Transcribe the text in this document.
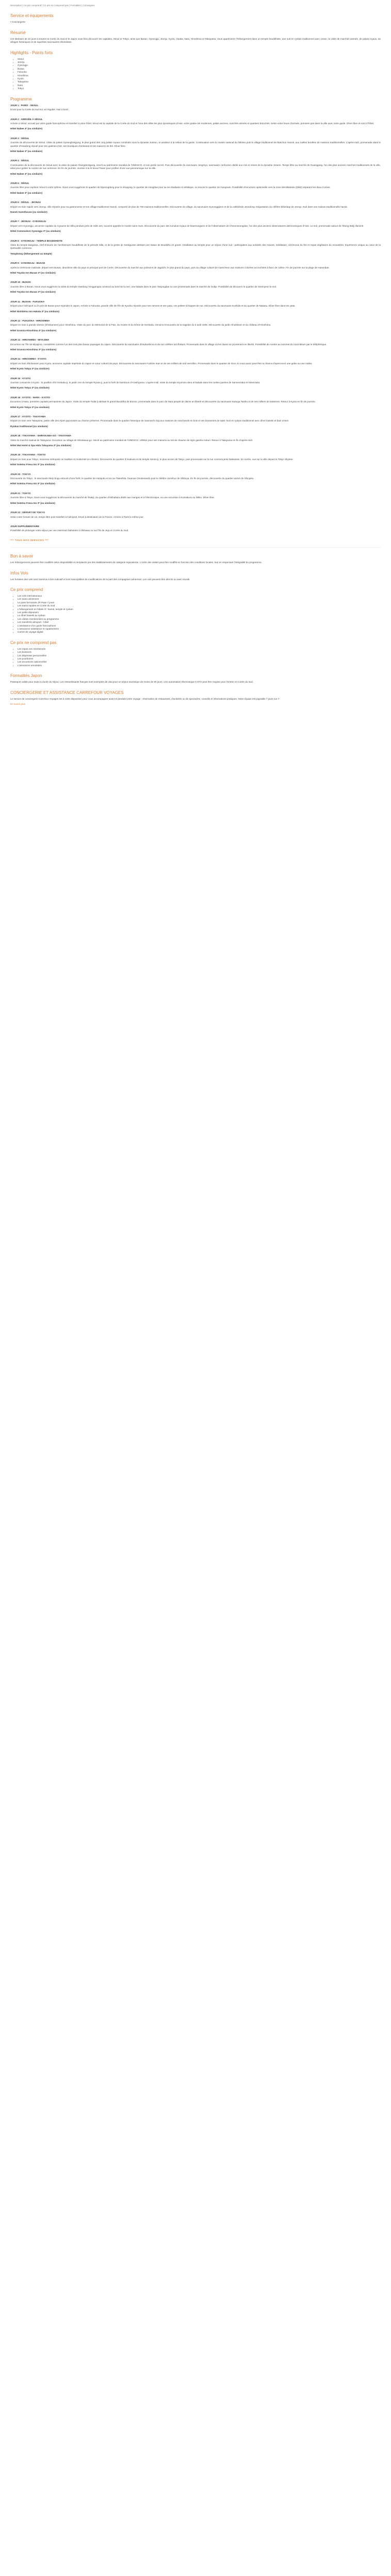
Description | Ce prix comprend | Ce prix ne comprend pas | Formalités | Conseignes
Service et équipements
• Conciergerie
Résumé
Cet itinéraire de 22 jours à travers la Corée du Sud et le Japon vous fera découvrir les capitales, Séoul et Tokyo, ainsi que Busan, Gyeongju, Jeonju, Kyoto, Osaka, Nara, Hiroshima et Takayama. Vous apprécierez l'hébergement dans un temple bouddhiste, une nuit en ryokan traditionnel avec onsen, la visite de marchés animés, de palais royaux, de villages historiques et de superbes sanctuaires shintoïstes.
Highlights - Points forts
• Séoul
• Jeonju
• Gyeongju
• Busan
• Fukuoka
• Hiroshima
• Kyoto
• Takayama
• Nara
• Tokyo
Programme
JOUR 1 : PARIS - SEOUL
Envol pour la Corée du sud sur vol régulier. Nuit à bord.
JOUR 2 : ARRIVÉE À SÉOUL
Arrivée à Séoul, accueil par votre guide francophone et transfert à votre hôtel. Séoul est la capitale de la Corée du Sud et l'une des villes les plus dynamiques d'Asie, entre gratte-ciel modernes, palais anciens, marchés animés et quartiers branchés. Selon votre heure d'arrivée, premiers pas dans la ville avec votre guide. Dîner libre et nuit à l'hôtel.
Hôtel Nabee 3* (ou similaire)
JOUR 3 : SÉOUL
Journée de découverte de Séoul. Visite du palais Gyeongbokgung, le plus grand des cinq palais royaux construits sous la dynastie Joseon, et assistez à la relève de la garde. Continuation vers le musée national du folklore puis le village traditionnel de Bukchon Hanok, aux ruelles bordées de maisons traditionnelles. L'après-midi, promenade dans le quartier d'Insadong réputé pour ses galeries d'art, ses boutiques d'artisanat et ses maisons de thé. Dîner libre.
Hôtel Nabee 3* (ou similaire)
JOUR 4 : SÉOUL
Continuation de la découverte de Séoul avec la visite du palais Changdeokgung, inscrit au patrimoine mondial de l'UNESCO, et son jardin secret. Puis découverte du sanctuaire Jongmyo, sanctuaire confucéen dédié aux rois et reines de la dynastie Joseon. Temps libre au marché de Gwangjang, l'un des plus anciens marchés traditionnels de la ville, idéal pour goûter la cuisine de rue coréenne. En fin de journée, montée à la N Seoul Tower pour profiter d'une vue panoramique sur la ville.
Hôtel Nabee 3* (ou similaire)
JOUR 5 : SÉOUL
Journée libre pour explorer Séoul à votre rythme. Nous vous suggérons le quartier de Myeongdong pour le shopping, le quartier de Hongdae pour sa vie étudiante et artistique, ou encore le quartier de Gangnam. Possibilité d'excursion optionnelle vers la zone démilitarisée (DMZ) séparant les deux Corées.
Hôtel Nabee 3* (ou similaire)
JOUR 6 : SÉOUL - JEONJU
Départ en train rapide vers Jeonju, ville réputée pour sa gastronomie et son village traditionnel Hanok, composé de plus de 700 maisons traditionnelles. Découverte du village, du sanctuaire Gyeonggijeon et de la cathédrale Jeondong. Dégustation du célèbre bibimbap de Jeonju. Nuit dans une maison traditionnelle hanok.
Hanok Guesthouse (ou similaire)
JOUR 7 : JEONJU - GYEONGJU
Départ vers Gyeongju, ancienne capitale du royaume de Silla pendant près de mille ans, souvent appelée le musée sans murs. Découverte du parc des tumulus royaux de Daereungwon et de l'observatoire de Cheomseongdae, l'un des plus anciens observatoires astronomiques d'Asie. Le soir, promenade autour de l'étang Wolji illuminé.
Hôtel Commodore Gyeongju 3* (ou similaire)
JOUR 8 : GYEONGJU - TEMPLE BOUDDHISTE
Visite du temple Bulguksa, chef-d'œuvre de l'architecture bouddhiste de la période Silla, et de la grotte de Seokguram abritant une statue de Bouddha en granit. Installation au temple pour un séjour d'une nuit : participation aux activités des moines, méditation, cérémonie du thé et repas végétarien du monastère. Expérience unique au cœur de la spiritualité coréenne.
Templestay (hébergement au temple)
JOUR 9 : GYEONGJU - BUSAN
Après la cérémonie matinale, départ vers Busan, deuxième ville du pays et principal port de Corée. Découverte du marché aux poissons de Jagalchi, le plus grand du pays, puis du village culturel de Gamcheon aux maisons colorées accrochées à flanc de colline. Fin de journée sur la plage de Haeundae.
Hôtel Toyoko Inn Busan 3* (ou similaire)
JOUR 10 : BUSAN
Journée libre à Busan. Nous vous suggérons la visite du temple Haedong Yonggungsa construit au bord de la mer, une balade dans le parc Taejongdae ou une promenade dans le marché de Gukje. Possibilité de découvrir le quartier de Seomyeon le soir.
Hôtel Toyoko Inn Busan 3* (ou similaire)
JOUR 11 : BUSAN - FUKUOKA
Départ pour l'aéroport ou le port de Busan pour rejoindre le Japon. Arrivée à Fukuoka, grande ville de l'île de Kyushu réputée pour ses ramens et ses yatai, ces petites échoppes de rue. Découverte du sanctuaire Kushida et du quartier de Nakasu. Dîner libre dans les yatai.
Hôtel Nishitetsu Inn Hakata 3* (ou similaire)
JOUR 12 : FUKUOKA - HIROSHIMA
Départ en train à grande vitesse (Shinkansen) pour Hiroshima. Visite du parc du Mémorial de la Paix, du musée et du Dôme de Genbaku, témoins émouvants de la tragédie du 6 août 1945. Découverte du jardin Shukkeien et du château d'Hiroshima.
Hôtel Granvia Hiroshima 3* (ou similaire)
JOUR 13 : HIROSHIMA - MIYAJIMA
Excursion sur l'île de Miyajima, considérée comme l'un des trois plus beaux paysages du Japon. Découverte du sanctuaire d'Itsukushima et de son célèbre torii flottant. Promenade dans le village où les daims se promènent en liberté. Possibilité de monter au sommet du mont Misen par le téléphérique.
Hôtel Granvia Hiroshima 3* (ou similaire)
JOUR 14 : HIROSHIMA - KYOTO
Départ en train Shinkansen pour Kyoto, ancienne capitale impériale du Japon et cœur culturel du pays. Découverte du sanctuaire Fushimi Inari et de ses milliers de torii vermillon. Promenade dans le quartier de Gion où vous aurez peut-être la chance d'apercevoir une geiko ou une maiko.
Hôtel Kyoto Tokyu 3* (ou similaire)
JOUR 15 : KYOTO
Journée consacrée à Kyoto : le pavillon d'Or Kinkaku-ji, le jardin zen du temple Ryoan-ji, puis la forêt de bambous d'Arashiyama. L'après-midi, visite du temple Kiyomizu-dera et balade dans les ruelles pavées de Sannenzaka et Ninenzaka.
Hôtel Kyoto Tokyu 3* (ou similaire)
JOUR 16 : KYOTO - NARA - KYOTO
Excursion à Nara, première capitale permanente du Japon. Visite du temple Todai-ji abritant le grand Bouddha de bronze, promenade dans le parc de Nara peuplé de daims en liberté et découverte du sanctuaire Kasuga Taisha et de ses milliers de lanternes. Retour à Kyoto en fin de journée.
Hôtel Kyoto Tokyu 3* (ou similaire)
JOUR 17 : KYOTO - TAKAYAMA
Départ en train vers Takayama, petite ville des Alpes japonaises au charme préservé. Promenade dans le quartier historique de Sanmachi Suji aux maisons de marchands en bois et ses brasseries de saké. Nuit en ryokan traditionnel avec dîner kaiseki et bain onsen.
Ryokan traditionnel (ou similaire)
JOUR 18 : TAKAYAMA - SHIRAKAWA-GO - TAKAYAMA
Visite du marché matinal de Takayama. Excursion au village de Shirakawa-go, inscrit au patrimoine mondial de l'UNESCO, célèbre pour ses maisons au toit de chaume de style gassho-zukuri. Retour à Takayama en fin d'après-midi.
Hôtel Wat Hotel & Spa Hida Takayama 3* (ou similaire)
JOUR 19 : TAKAYAMA - TOKYO
Départ en train pour Tokyo, immense métropole où tradition et modernité se côtoient. Découverte du quartier d'Asakusa et du temple Senso-ji, le plus ancien de Tokyo, puis promenade sur la rue commerçante Nakamise. En soirée, vue sur la ville depuis la Tokyo Skytree.
Hôtel Sotetsu Fresa Inn 3* (ou similaire)
JOUR 20 : TOKYO
Découverte de Tokyo : le sanctuaire Meiji Jingu entouré d'une forêt, le quartier de Harajuku et sa rue Takeshita, l'avenue Omotesando puis le célèbre carrefour de Shibuya. En fin de journée, découverte du quartier animé de Shinjuku.
Hôtel Sotetsu Fresa Inn 3* (ou similaire)
JOUR 21 : TOKYO
Journée libre à Tokyo. Nous vous suggérons la découverte du marché de Tsukiji, du quartier d'Akihabara dédié aux mangas et à l'électronique, ou une excursion à Kamakura ou Nikko. Dîner libre.
Hôtel Sotetsu Fresa Inn 3* (ou similaire)
JOUR 22 : DÉPART DE TOKYO
Selon votre horaire de vol, temps libre puis transfert à l'aéroport. Envol à destination de la France. Arrivée à Paris le même jour.
JOUR SUPPLÉMENTAIRE
Possibilité de prolonger votre séjour par une extension balnéaire à Okinawa ou sur l'île de Jeju en Corée du Sud.
*** TOUS NOS SERVICES ***
Bon à savoir
Les hébergements peuvent être modifiés selon disponibilité et remplacés par des établissements de catégorie équivalente. L'ordre des visites peut être modifié en fonction des conditions locales, tout en respectant l'intégralité du programme.
Infos Vols
Les horaires des vols sont transmis à titre indicatif et sont susceptibles de modifications de la part des compagnies aériennes. Les vols peuvent être directs ou avec escale.
Ce prix comprend
• Les vols internationaux
• Les taxes aériennes
• Le pass ferroviaire JR Pass 7 jours
• Les trains rapides en Corée du Sud
• L'hébergement en hôtels 3*, hanok, temple et ryokan
• Les petits déjeuners
• Le dîner kaiseki au ryokan
• Les visites mentionnées au programme
• Les transferts aéroport - hôtel
• L'assistance d'un guide francophone
• L'assurance assistance et rapatriement
• Carnet de voyage digital
Ce prix ne comprend pas
• Les repas non mentionnés
• Les boissons
• Les dépenses personnelles
• Les pourboires
• Les excursions optionnelles
• L'assurance annulation
Formalités Japon
Passeport valide pour toute la durée du séjour. Les ressortissants français sont exemptés de visa pour un séjour touristique de moins de 90 jours. Une autorisation électronique K-ETA peut être requise pour l'entrée en Corée du Sud.
CONCIERGERIE ET ASSISTANCE CARREFOUR VOYAGES
Le service de conciergerie Carrefour Voyages est à votre disposition pour vous accompagner avant et pendant votre voyage : réservation de restaurants, d'activités ou de spectacles, conseils et informations pratiques. Notre équipe est joignable 7 jours sur 7.
En savoir plus
